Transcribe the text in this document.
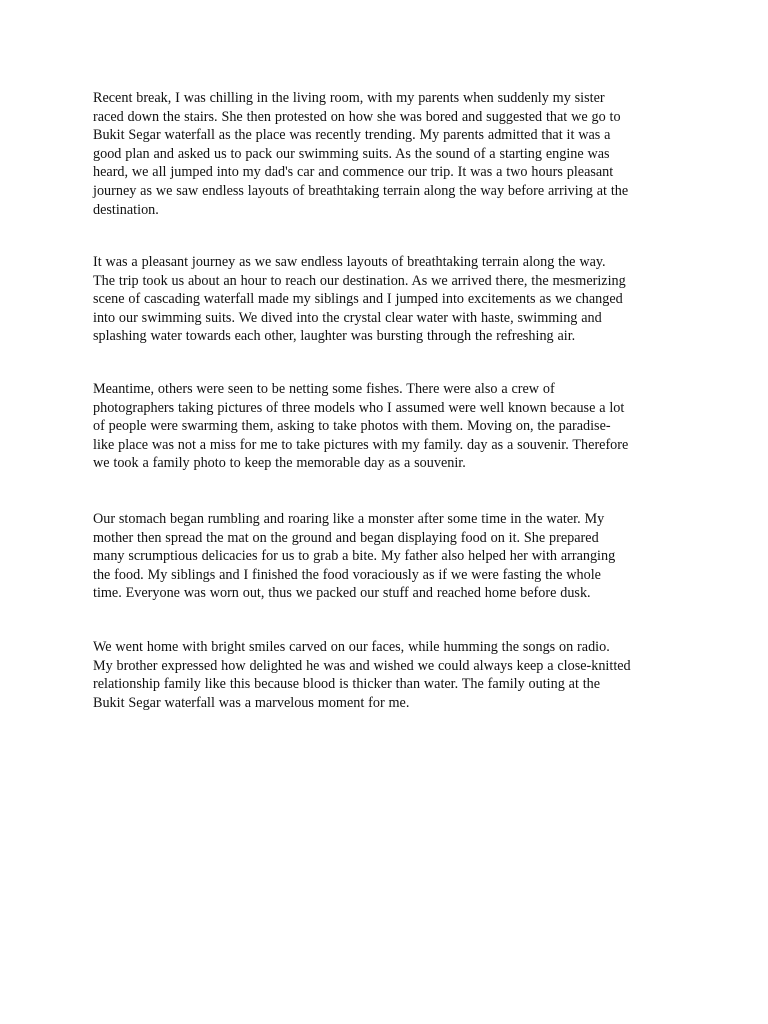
Recent break, I was chilling in the living room, with my parents when suddenly my sister
raced down the stairs. She then protested on how she was bored and suggested that we go to
Bukit Segar waterfall as the place was recently trending. My parents admitted that it was a
good plan and asked us to pack our swimming suits. As the sound of a starting engine was
heard, we all jumped into my dad's car and commence our trip. It was a two hours pleasant
journey as we saw endless layouts of breathtaking terrain along the way before arriving at the
destination.

It was a pleasant journey as we saw endless layouts of breathtaking terrain along the way.
The trip took us about an hour to reach our destination. As we arrived there, the mesmerizing
scene of cascading waterfall made my siblings and I jumped into excitements as we changed
into our swimming suits. We dived into the crystal clear water with haste, swimming and
splashing water towards each other, laughter was bursting through the refreshing air.

Meantime, others were seen to be netting some fishes. There were also a crew of
photographers taking pictures of three models who I assumed were well known because a lot
of people were swarming them, asking to take photos with them. Moving on, the paradise-
like place was not a miss for me to take pictures with my family. day as a souvenir. Therefore
we took a family photo to keep the memorable day as a souvenir.

Our stomach began rumbling and roaring like a monster after some time in the water. My
mother then spread the mat on the ground and began displaying food on it. She prepared
many scrumptious delicacies for us to grab a bite. My father also helped her with arranging
the food. My siblings and I finished the food voraciously as if we were fasting the whole
time. Everyone was worn out, thus we packed our stuff and reached home before dusk.

We went home with bright smiles carved on our faces, while humming the songs on radio.
My brother expressed how delighted he was and wished we could always keep a close-knitted
relationship family like this because blood is thicker than water. The family outing at the
Bukit Segar waterfall was a marvelous moment for me.
